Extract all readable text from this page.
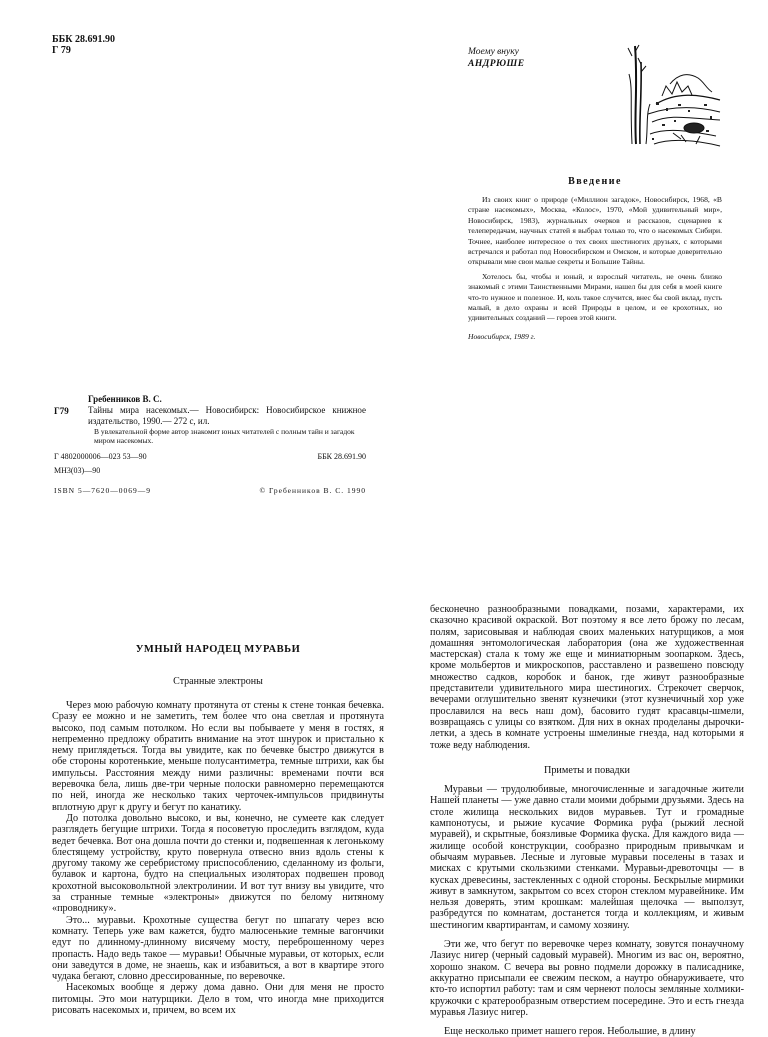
ББК 28.691.90
Г 79	Моему внуку
АНДРЮШЕ
Введение

Из своих книг о природе («Миллион загадок», Новосибирск, 1968, «В стране насекомых», Москва, «Колос», 1970, «Мой удивительный мир», Новосибирск, 1983), журнальных очерков и рассказов, сценариев к телепередачам, научных статей я выбрал только то, что о насекомых Сибири. Точнее, наиболее интересное о тех своих шестиногих друзьях, с которыми встречался и работал под Новосибирском и Омском, и которые доверительно открывали мне свои малые секреты и Большие Тайны.

Хотелось бы, чтобы и юный, и взрослый читатель, не очень близко знакомый с этими Таинственными Мирами, нашел бы для себя в моей книге что-то нужное и полезное. И, коль такое случится, внес бы свой вклад, пусть малый, в дело охраны и всей Природы в целом, и ее крохотных, но удивительных созданий — героев этой книги.

Новосибирск, 1989 г.

Г79
Гребенников В. С.
Тайны мира насекомых.— Новосибирск: Новосибирское книжное издательство, 1990.— 272 с, ил.
В увлекательной форме автор знакомит юных читателей с полным тайн и загадок миром насекомых.
Г 4802000006—023 53—90	ББК 28.691.90
МН3(03)—90
ISBN 5—7620—0069—9	© Гребенников В. С. 1990
УМНЫЙ НАРОДЕЦ МУРАВЬИ
Странные электроны

Через мою рабочую комнату протянута от стены к стене тонкая бечевка. Сразу ее можно и не заметить, тем более что она светлая и протянута высоко, под самым потолком. Но если вы побываете у меня в гостях, я непременно предложу обратить внимание на этот шнурок и пристально к нему приглядеться. Тогда вы увидите, как по бечевке быстро движутся в обе стороны коротенькие, меньше полусантиметра, темные штрихи, как бы импульсы. Расстояния между ними различны: временами почти вся веревочка бела, лишь две-три черные полоски равномерно перемещаются по ней, иногда же несколько таких черточек-импульсов придвинуты вплотную друг к другу и бегут по канатику.

До потолка довольно высоко, и вы, конечно, не сумеете как следует разглядеть бегущие штрихи. Тогда я посоветую проследить взглядом, куда ведет бечевка. Вот она дошла почти до стенки и, подвешенная к легонькому блестящему устройству, круто повернула отвесно вниз вдоль стены к другому такому же серебристому приспособлению, сделанному из фольги, булавок и картона, будто на специальных изоляторах подвешен провод крохотной высоковольтной электролинии. И вот тут внизу вы увидите, что за странные темные «электроны» движутся по белому нитяному «проводнику».

Это... муравьи. Крохотные существа бегут по шпагату через всю комнату. Теперь уже вам кажется, будто малюсенькие темные вагончики едут по длинному-длинному висячему мосту, переброшенному через пропасть. Надо ведь такое — муравьи! Обычные муравьи, от которых, если они заведутся в доме, не знаешь, как и избавиться, а вот в квартире этого чудака бегают, словно дрессированные, по веревочке.

Насекомых вообще я держу дома давно. Они для меня не просто питомцы. Это мои натурщики. Дело в том, что иногда мне приходится рисовать насекомых и, причем, во всем их

бесконечно разнообразными повадками, позами, характерами, их сказочно красивой окраской. Вот поэтому я все лето брожу по лесам, полям, зарисовывая и наблюдая своих маленьких натурщиков, а моя домашняя энтомологическая лаборатория (она же художественная мастерская) стала к тому же еще и миниатюрным зоопарком. Здесь, кроме мольбертов и микроскопов, расставлено и развешено повсюду множество садков, коробок и банок, где живут разнообразные представители удивительного мира шестиногих. Стрекочет сверчок, вечерами оглушительно звенят кузнечики (этот кузнечичный хор уже прославился на весь наш дом), басовито гудят красавцы-шмели, возвращаясь с улицы со взятком. Для них в окнах проделаны дырочки-летки, а здесь в комнате устроены шмелиные гнезда, над которыми я тоже веду наблюдения.

Приметы и повадки

Муравьи — трудолюбивые, многочисленные и загадочные жители Нашей планеты — уже давно стали моими добрыми друзьями. Здесь на столе жилища нескольких видов муравьев. Тут и громадные кампонотусы, и рыжие кусачие Формика руфа (рыжий лесной муравей), и скрытные, боязливые Формика фуска. Для каждого вида — жилище особой конструкции, сообразно природным привычкам и обычаям муравьев. Лесные и луговые муравьи поселены в тазах и мисках с крутыми скользкими стенками. Муравьи-древоточцы — в кусках древесины, застекленных с одной стороны. Бескрылые мирмики живут в замкнутом, закрытом со всех сторон стеклом муравейнике. Им нельзя доверять, этим крошкам: малейшая щелочка — выползут, разбредутся по комнатам, достанется тогда и коллекциям, и живым шестиногим квартирантам, и самому хозяину.

Эти же, что бегут по веревочке через комнату, зовутся понаучному Лазиус нигер (черный садовый муравей). Многим из вас он, вероятно, хорошо знаком. С вечера вы ровно подмели дорожку в палисаднике, аккуратно присыпали ее свежим песком, а наутро обнаруживаете, что кто-то испортил работу: там и сям чернеют полосы земляные холмики-кружочки с кратерообразным отверстием посередине. Это и есть гнезда муравья Лазиус нигер.

Еще несколько примет нашего героя. Небольшие, в длину
